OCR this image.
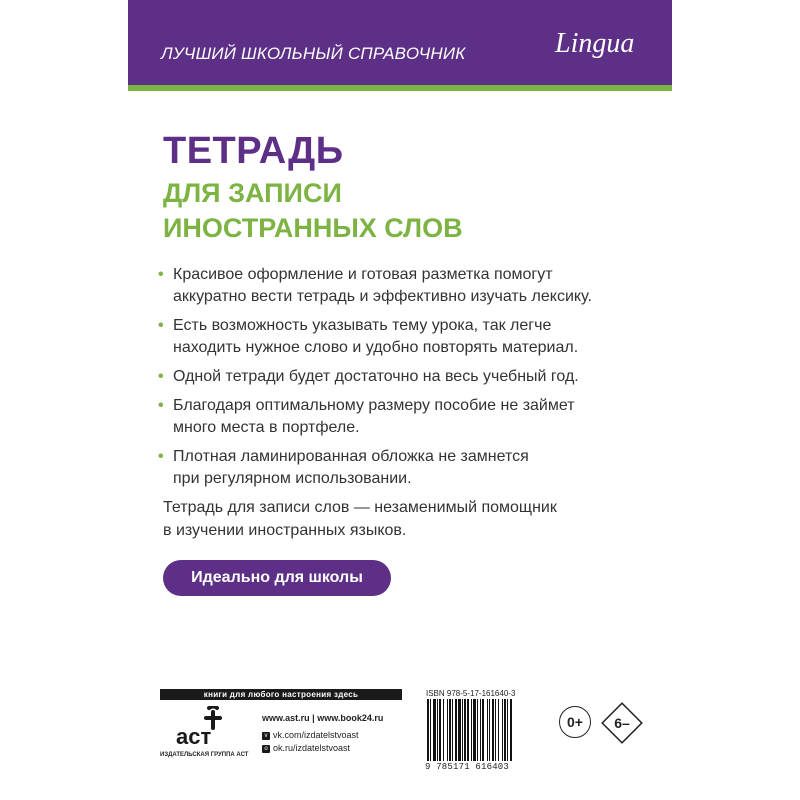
ЛУЧШИЙ ШКОЛЬНЫЙ СПРАВОЧНИК	Lingua
ТЕТРАДЬ
ДЛЯ ЗАПИСИ
ИНОСТРАННЫХ СЛОВ
• Красивое оформление и готовая разметка помогут
аккуратно вести тетрадь и эффективно изучать лексику.
• Есть возможность указывать тему урока, так легче
находить нужное слово и удобно повторять материал.
• Одной тетради будет достаточно на весь учебный год.
• Благодаря оптимальному размеру пособие не займет
много места в портфеле.
• Плотная ламинированная обложка не замнется
при регулярном использовании.
Тетрадь для записи слов — незаменимый помощник
в изучении иностранных языков.
Идеально для школы
книги для любого настроения здесь
аст
ИЗДАТЕЛЬСКАЯ ГРУППА АСТ
www.ast.ru | www.book24.ru
v vk.com/izdatelstvoast
o ok.ru/izdatelstvoast
ISBN 978-5-17-161640-3
9 785171 616403
0+	6–
